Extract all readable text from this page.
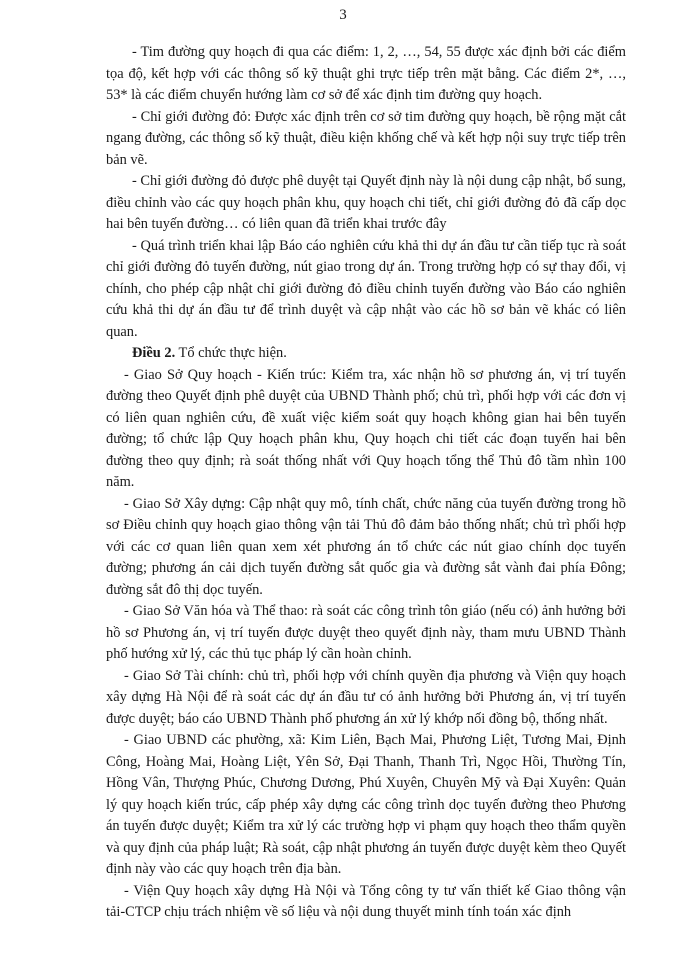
3

- Tim đường quy hoạch đi qua các điểm: 1, 2, …, 54, 55 được xác định bởi các điểm tọa độ, kết hợp với các thông số kỹ thuật ghi trực tiếp trên mặt bằng. Các điểm 2*, …, 53* là các điểm chuyển hướng làm cơ sở để xác định tim đường quy hoạch.

- Chỉ giới đường đỏ: Được xác định trên cơ sở tim đường quy hoạch, bề rộng mặt cắt ngang đường, các thông số kỹ thuật, điều kiện khống chế và kết hợp nội suy trực tiếp trên bản vẽ.

- Chỉ giới đường đỏ được phê duyệt tại Quyết định này là nội dung cập nhật, bổ sung, điều chỉnh vào các quy hoạch phân khu, quy hoạch chi tiết, chỉ giới đường đỏ đã cấp dọc hai bên tuyến đường… có liên quan đã triển khai trước đây

- Quá trình triển khai lập Báo cáo nghiên cứu khả thi dự án đầu tư cần tiếp tục rà soát chỉ giới đường đỏ tuyến đường, nút giao trong dự án. Trong trường hợp có sự thay đổi, vị chính, cho phép cập nhật chỉ giới đường đỏ điều chỉnh tuyến đường vào Báo cáo nghiên cứu khả thi dự án đầu tư để trình duyệt và cập nhật vào các hồ sơ bản vẽ khác có liên quan.

Điều 2. Tổ chức thực hiện.

- Giao Sở Quy hoạch - Kiến trúc: Kiểm tra, xác nhận hồ sơ phương án, vị trí tuyến đường theo Quyết định phê duyệt của UBND Thành phố; chủ trì, phối hợp với các đơn vị có liên quan nghiên cứu, đề xuất việc kiểm soát quy hoạch không gian hai bên tuyến đường; tổ chức lập Quy hoạch phân khu, Quy hoạch chi tiết các đoạn tuyến hai bên đường theo quy định; rà soát thống nhất với Quy hoạch tổng thể Thủ đô tầm nhìn 100 năm.

- Giao Sở Xây dựng: Cập nhật quy mô, tính chất, chức năng của tuyến đường trong hồ sơ Điều chỉnh quy hoạch giao thông vận tải Thủ đô đảm bảo thống nhất; chủ trì phối hợp với các cơ quan liên quan xem xét phương án tổ chức các nút giao chính dọc tuyến đường; phương án cải dịch tuyến đường sắt quốc gia và đường sắt vành đai phía Đông; đường sắt đô thị dọc tuyến.

- Giao Sở Văn hóa và Thể thao: rà soát các công trình tôn giáo (nếu có) ảnh hưởng bởi hồ sơ Phương án, vị trí tuyến được duyệt theo quyết định này, tham mưu UBND Thành phố hướng xử lý, các thủ tục pháp lý cần hoàn chỉnh.

- Giao Sở Tài chính: chủ trì, phối hợp với chính quyền địa phương và Viện quy hoạch xây dựng Hà Nội để rà soát các dự án đầu tư có ảnh hưởng bởi Phương án, vị trí tuyến được duyệt; báo cáo UBND Thành phố phương án xử lý khớp nối đồng bộ, thống nhất.

- Giao UBND các phường, xã: Kim Liên, Bạch Mai, Phương Liệt, Tương Mai, Định Công, Hoàng Mai, Hoàng Liệt, Yên Sở, Đại Thanh, Thanh Trì, Ngọc Hồi, Thường Tín, Hồng Vân, Thượng Phúc, Chương Dương, Phú Xuyên, Chuyên Mỹ và Đại Xuyên: Quản lý quy hoạch kiến trúc, cấp phép xây dựng các công trình dọc tuyến đường theo Phương án tuyến được duyệt; Kiểm tra xử lý các trường hợp vi phạm quy hoạch theo thẩm quyền và quy định của pháp luật; Rà soát, cập nhật phương án tuyến được duyệt kèm theo Quyết định này vào các quy hoạch trên địa bàn.

- Viện Quy hoạch xây dựng Hà Nội và Tổng công ty tư vấn thiết kế Giao thông vận tải-CTCP chịu trách nhiệm về số liệu và nội dung thuyết minh tính toán xác định
